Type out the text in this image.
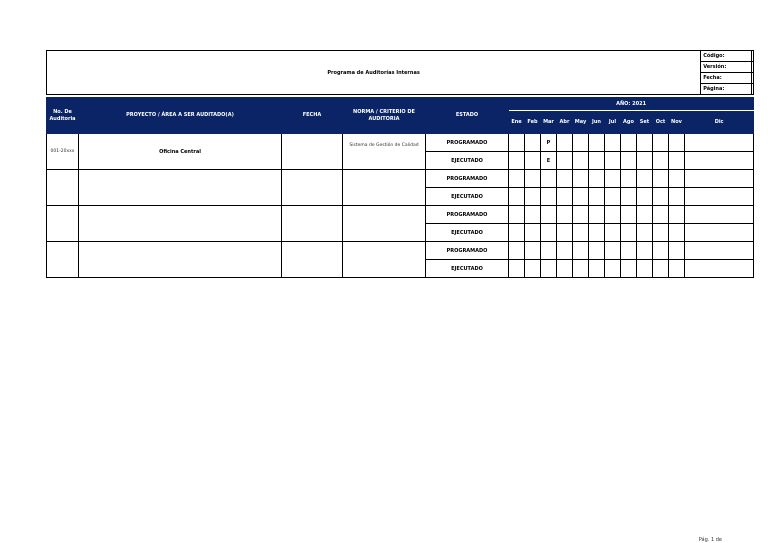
Programa de Auditorías Internas																	Código:	
																	Versión:	
																	Fecha:	
																	Página:	

No. De Auditoria	PROYECTO / ÁREA A SER AUDITADO(A)	FECHA	NORMA / CRITERIO DE AUDITORIA	ESTADO	AÑO: 2021													
					Ene	Feb	Mar	Abr	May	Jun	Jul	Ago	Set	Oct	Nov	Dic		
001-20xxx	Oficina Central		Sistema de Gestión de Calidad	PROGRAMADO			P											
				EJECUTADO			E											
				PROGRAMADO														
				EJECUTADO														
				PROGRAMADO														
				EJECUTADO														
				PROGRAMADO														
				EJECUTADO														
Pág. 1 de
